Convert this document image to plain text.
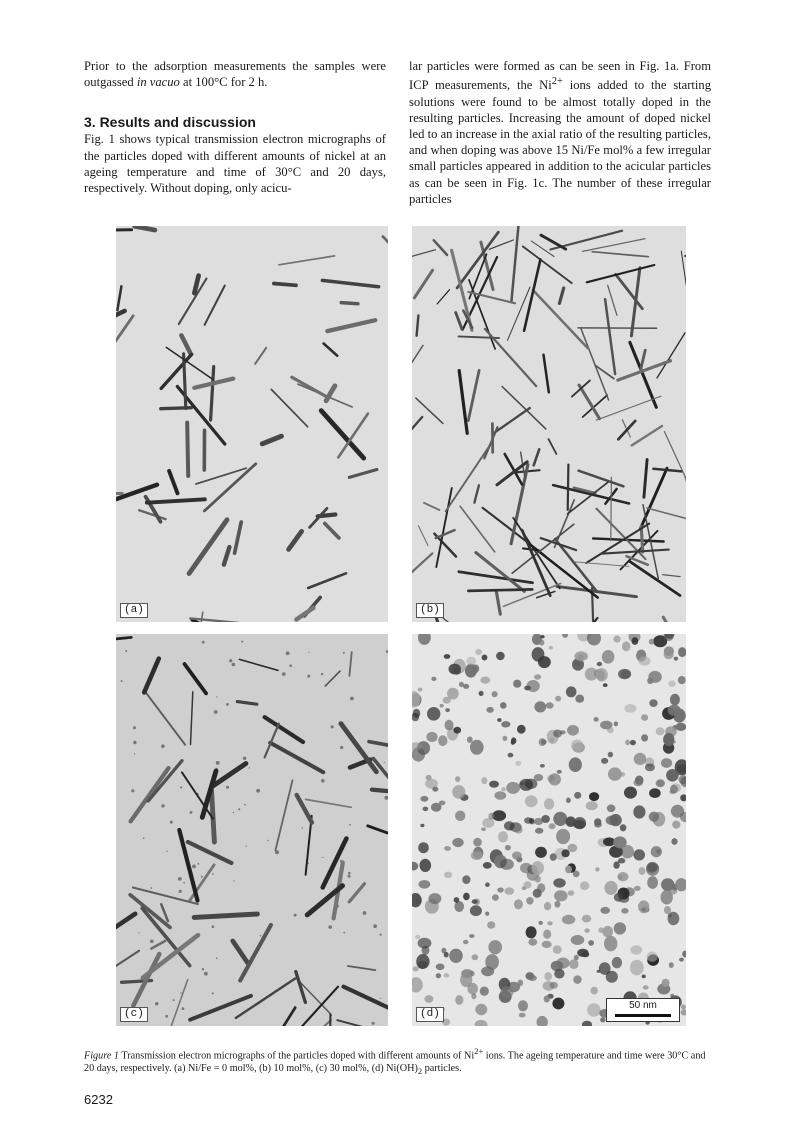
Prior to the adsorption measurements the samples were outgassed in vacuo at 100°C for 2 h.

3. Results and discussion

Fig. 1 shows typical transmission electron micrographs of the particles doped with different amounts of nickel at an ageing temperature and time of 30°C and 20 days, respectively. Without doping, only acicu-

lar particles were formed as can be seen in Fig. 1a. From ICP measurements, the $Ni^{2+}$ ions added to the starting solutions were found to be almost totally doped in the resulting particles. Increasing the amount of doped nickel led to an increase in the axial ratio of the resulting particles, and when doping was above 15 Ni/Fe mol% a few irregular small particles appeared in addition to the acicular particles as can be seen in Fig. 1c. The number of these irregular particles

(a)	(b)
(c)	(d)
50 nm
Figure 1 Transmission electron micrographs of the particles doped with different amounts of $Ni^{2+}$ ions. The ageing temperature and time were 30°C and 20 days, respectively. (a) Ni/Fe = 0 mol%, (b) 10 mol%, (c) 30 mol%, (d) $Ni(OH)_2$ particles.
6232
